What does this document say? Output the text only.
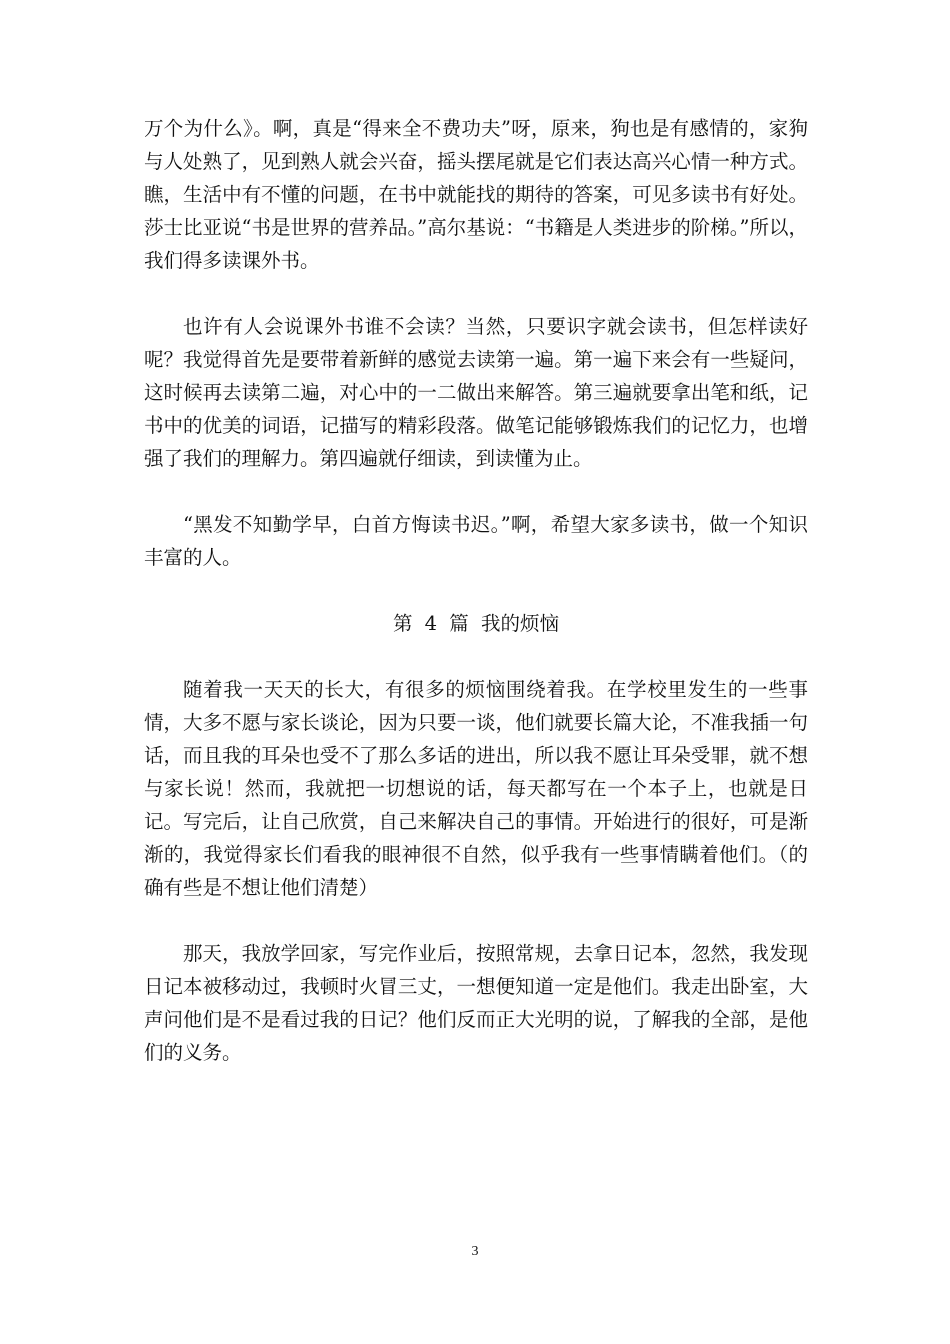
万个为什么》。啊，真是“得来全不费功夫”呀，原来，狗也是有感情的，家狗与人处熟了，见到熟人就会兴奋，摇头摆尾就是它们表达高兴心情一种方式。瞧，生活中有不懂的问题，在书中就能找的期待的答案，可见多读书有好处。莎士比亚说“书是世界的营养品。”高尔基说：“书籍是人类进步的阶梯。”所以，我们得多读课外书。

也许有人会说课外书谁不会读？当然，只要识字就会读书，但怎样读好呢？我觉得首先是要带着新鲜的感觉去读第一遍。第一遍下来会有一些疑问，这时候再去读第二遍，对心中的一二做出来解答。第三遍就要拿出笔和纸，记书中的优美的词语，记描写的精彩段落。做笔记能够锻炼我们的记忆力，也增强了我们的理解力。第四遍就仔细读，到读懂为止。

“黑发不知勤学早，白首方悔读书迟。”啊，希望大家多读书，做一个知识丰富的人。

第 4 篇 我的烦恼

随着我一天天的长大，有很多的烦恼围绕着我。在学校里发生的一些事情，大多不愿与家长谈论，因为只要一谈，他们就要长篇大论，不准我插一句话，而且我的耳朵也受不了那么多话的进出，所以我不愿让耳朵受罪，就不想与家长说！然而，我就把一切想说的话，每天都写在一个本子上，也就是日记。写完后，让自己欣赏，自己来解决自己的事情。开始进行的很好，可是渐渐的，我觉得家长们看我的眼神很不自然，似乎我有一些事情瞒着他们。（的确有些是不想让他们清楚）

那天，我放学回家，写完作业后，按照常规，去拿日记本，忽然，我发现日记本被移动过，我顿时火冒三丈，一想便知道一定是他们。我走出卧室，大声问他们是不是看过我的日记？他们反而正大光明的说，了解我的全部，是他们的义务。

3
